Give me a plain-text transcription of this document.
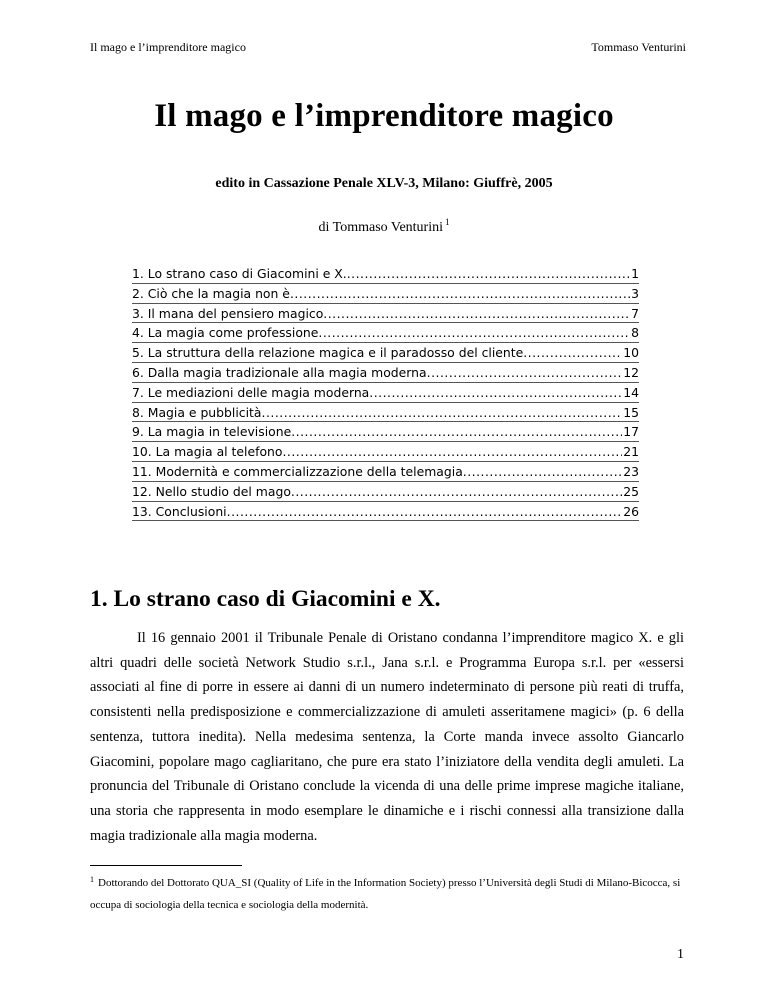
Il mago e l’imprenditore magico	Tommaso Venturini
Il mago e l’imprenditore magico
edito in Cassazione Penale XLV-3, Milano: Giuffrè, 2005
di Tommaso Venturini $^1$
1. Lo strano caso di Giacomini e X. .....	1
2. Ciò che la magia non è .....	3
3. Il mana del pensiero magico .....	7
4. La magia come professione .....	8
5. La struttura della relazione magica e il paradosso del cliente .....	10
6. Dalla magia tradizionale alla magia moderna .....	12
7. Le mediazioni delle magia moderna .....	14
8. Magia e pubblicità .....	15
9. La magia in televisione .....	17
10. La magia al telefono .....	21
11. Modernità e commercializzazione della telemagia .....	23
12. Nello studio del mago .....	25
13. Conclusioni .....	26
1. Lo strano caso di Giacomini e X.

Il 16 gennaio 2001 il Tribunale Penale di Oristano condanna l’imprenditore magico X. e gli altri quadri delle società Network Studio s.r.l., Jana s.r.l. e Programma Europa s.r.l. per «essersi associati al fine di porre in essere ai danni di un numero indeterminato di persone più reati di truffa, consistenti nella predisposizione e commercializzazione di amuleti asseritamene magici» (p. 6 della sentenza, tuttora inedita). Nella medesima sentenza, la Corte manda invece assolto Giancarlo Giacomini, popolare mago cagliaritano, che pure era stato l’iniziatore della vendita degli amuleti. La pronuncia del Tribunale di Oristano conclude la vicenda di una delle prime imprese magiche italiane, una storia che rappresenta in modo esemplare le dinamiche e i rischi connessi alla transizione dalla magia tradizionale alla magia moderna.

$^1$ Dottorando del Dottorato QUA_SI (Quality of Life in the Information Society) presso l’Università degli Studi di Milano-Bicocca, si occupa di sociologia della tecnica e sociologia della modernità.

1
